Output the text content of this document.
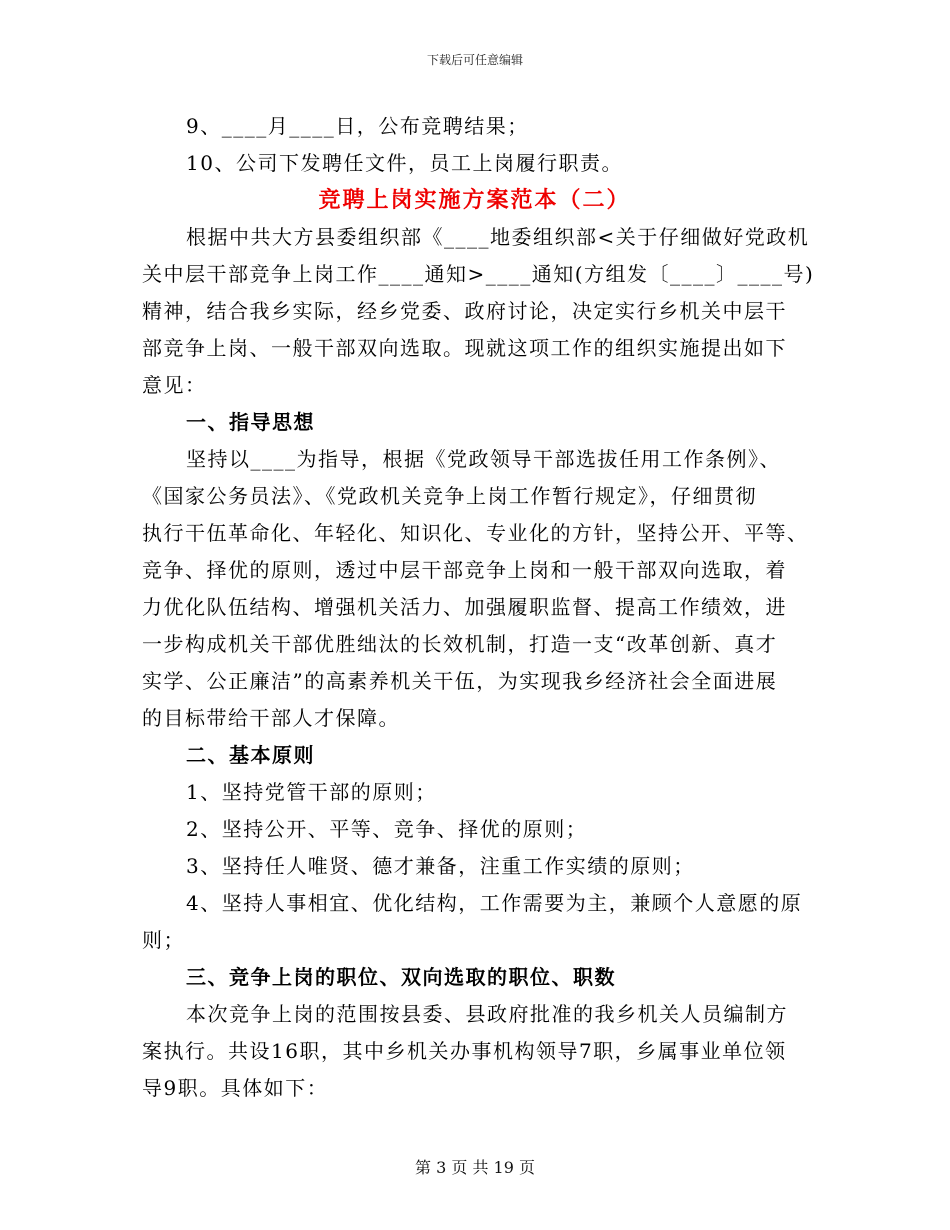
下载后可任意编辑
9、____月____日，公布竞聘结果；
10、公司下发聘任文件，员工上岗履行职责。
竞聘上岗实施方案范本（二）
根据中共大方县委组织部《____地委组织部<关于仔细做好党政机
关中层干部竞争上岗工作____通知>____通知(方组发〔____〕____号)
精神，结合我乡实际，经乡党委、政府讨论，决定实行乡机关中层干
部竞争上岗、一般干部双向选取。现就这项工作的组织实施提出如下
意见：
一、指导思想
坚持以____为指导，根据《党政领导干部选拔任用工作条例》、
《国家公务员法》、《党政机关竞争上岗工作暂行规定》，仔细贯彻
执行干伍革命化、年轻化、知识化、专业化的方针，坚持公开、平等、
竞争、择优的原则，透过中层干部竞争上岗和一般干部双向选取，着
力优化队伍结构、增强机关活力、加强履职监督、提高工作绩效，进
一步构成机关干部优胜绌汰的长效机制，打造一支“改革创新、真才
实学、公正廉洁”的高素养机关干伍，为实现我乡经济社会全面进展
的目标带给干部人才保障。
二、基本原则
1、坚持党管干部的原则；
2、坚持公开、平等、竞争、择优的原则；
3、坚持任人唯贤、德才兼备，注重工作实绩的原则；
4、坚持人事相宜、优化结构，工作需要为主，兼顾个人意愿的原
则；
三、竞争上岗的职位、双向选取的职位、职数
本次竞争上岗的范围按县委、县政府批准的我乡机关人员编制方
案执行。共设16职，其中乡机关办事机构领导7职，乡属事业单位领
导9职。具体如下：
第 3 页 共 19 页
